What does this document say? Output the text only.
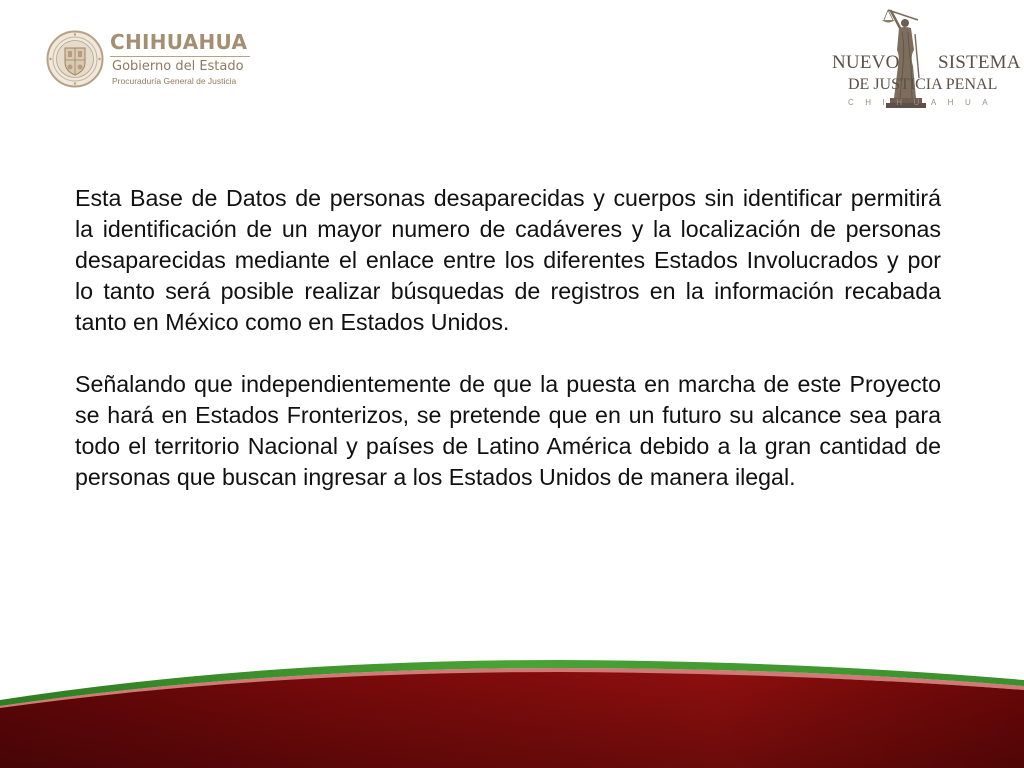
CHIHUAHUA
Gobierno del Estado
Procuraduría General de Justicia
NUEVO SISTEMA
DE JUSTICIA PENAL
CHIHUAHUA

Esta Base de Datos de personas desaparecidas y cuerpos sin identificar permitirá la identificación de un mayor numero de cadáveres y la localización de personas desaparecidas mediante el enlace entre los diferentes Estados Involucrados y por lo tanto será posible realizar búsquedas de registros en la información recabada tanto en México como en Estados Unidos.

Señalando que independientemente de que la puesta en marcha de este Proyecto se hará en Estados Fronterizos, se pretende que en un futuro su alcance sea para todo el territorio Nacional y países de Latino América debido a la gran cantidad de personas que buscan ingresar a los Estados Unidos de manera ilegal.
